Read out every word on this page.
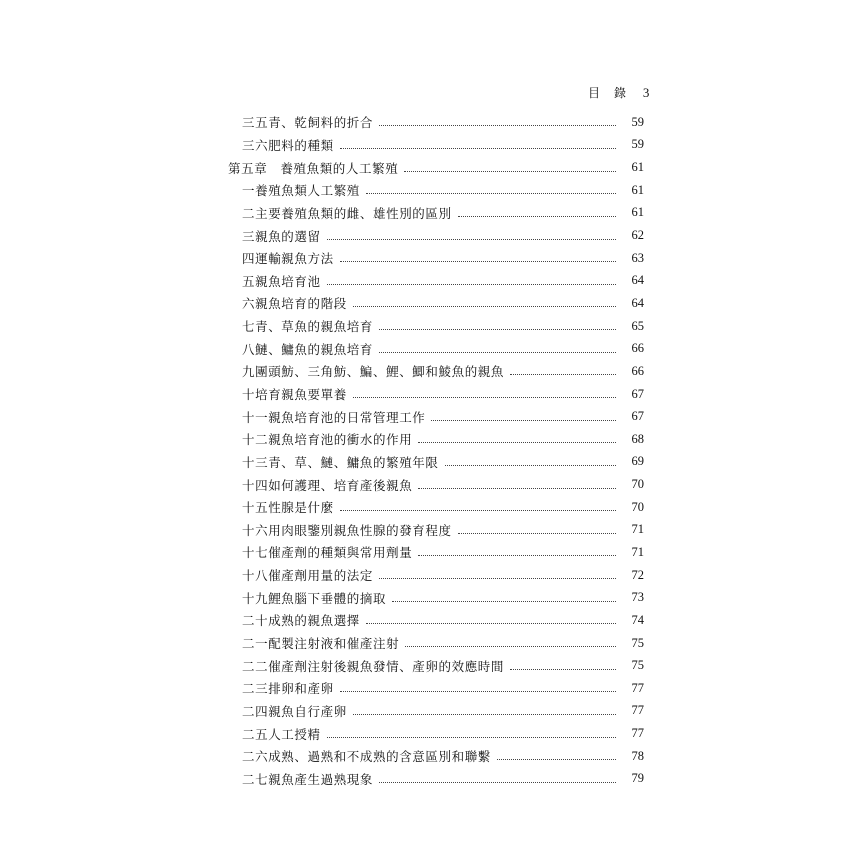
目　錄 3
三五青、乾飼料的折合	59
三六肥料的種類	59
第五章　養殖魚類的人工繁殖	61
一養殖魚類人工繁殖	61
二主要養殖魚類的雌、雄性別的區別	61
三親魚的選留	62
四運輸親魚方法	63
五親魚培育池	64
六親魚培育的階段	64
七青、草魚的親魚培育	65
八鰱、鱅魚的親魚培育	66
九團頭魴、三角魴、鯿、鯉、鯽和鯪魚的親魚	66
十培育親魚要單養	67
十一親魚培育池的日常管理工作	67
十二親魚培育池的衝水的作用	68
十三青、草、鰱、鱅魚的繁殖年限	69
十四如何護理、培育產後親魚	70
十五性腺是什麼	70
十六用肉眼鑒別親魚性腺的發育程度	71
十七催產劑的種類與常用劑量	71
十八催產劑用量的法定	72
十九鯉魚腦下垂體的摘取	73
二十成熟的親魚選擇	74
二一配製注射液和催產注射	75
二二催產劑注射後親魚發情、產卵的效應時間	75
二三排卵和產卵	77
二四親魚自行產卵	77
二五人工授精	77
二六成熟、過熟和不成熟的含意區別和聯繫	78
二七親魚產生過熟現象	79
